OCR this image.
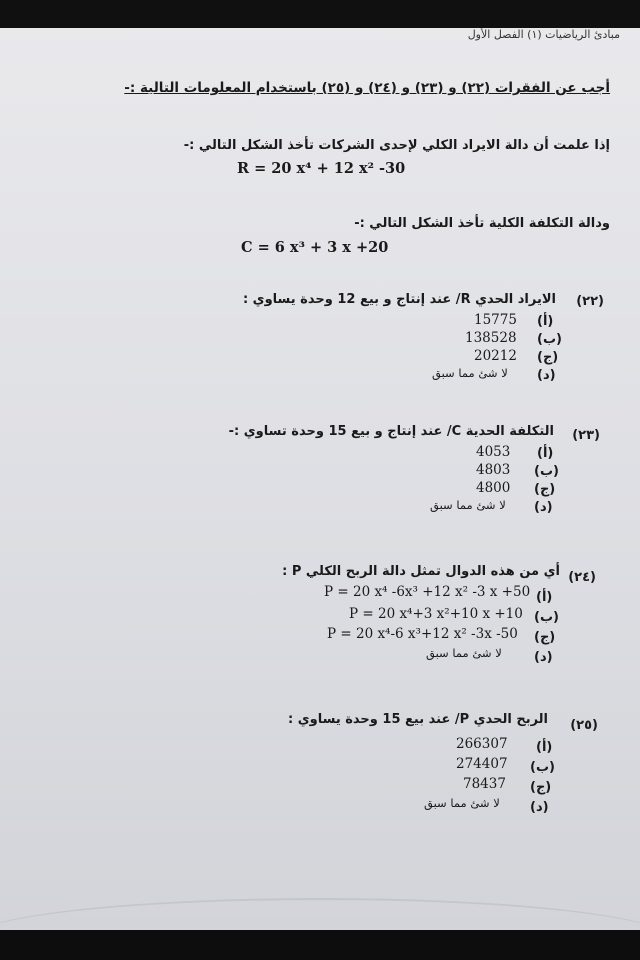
مبادئ الرياضيات (١) الفصل الأول
أجب عن الفقرات (٢٢) و (٢٣) و (٢٤) و (٢٥) باستخدام المعلومات التالية :-
إذا علمت أن دالة الايراد الكلي لإحدى الشركات تأخذ الشكل التالي :-
R = 20 x⁴ + 12 x² -30
ودالة التكلفة الكلية تأخذ الشكل التالي :-
C = 6 x³ + 3 x +20
(٢٢)
الايراد الحدي R/ عند إنتاج و بيع 12 وحدة يساوي :
(أ)
15775
(ب)
138528
(ج)
20212
(د)
لا شئ مما سبق
(٢٣)
التكلفة الحدية C/ عند إنتاج و بيع 15 وحدة تساوي :-
(أ)
4053
(ب)
4803
(ج)
4800
(د)
لا شئ مما سبق
(٢٤)
أي من هذه الدوال تمثل دالة الربح الكلي P :
(أ)
P = 20 x⁴ -6x³ +12 x² -3 x +50
(ب)
P = 20 x⁴+3 x²+10 x +10
(ج)
P = 20 x⁴-6 x³+12 x² -3x -50
(د)
لا شئ مما سبق
(٢٥)
الربح الحدي P/ عند بيع 15 وحدة يساوي :
(أ)
266307
(ب)
274407
(ج)
78437
(د)
لا شئ مما سبق
